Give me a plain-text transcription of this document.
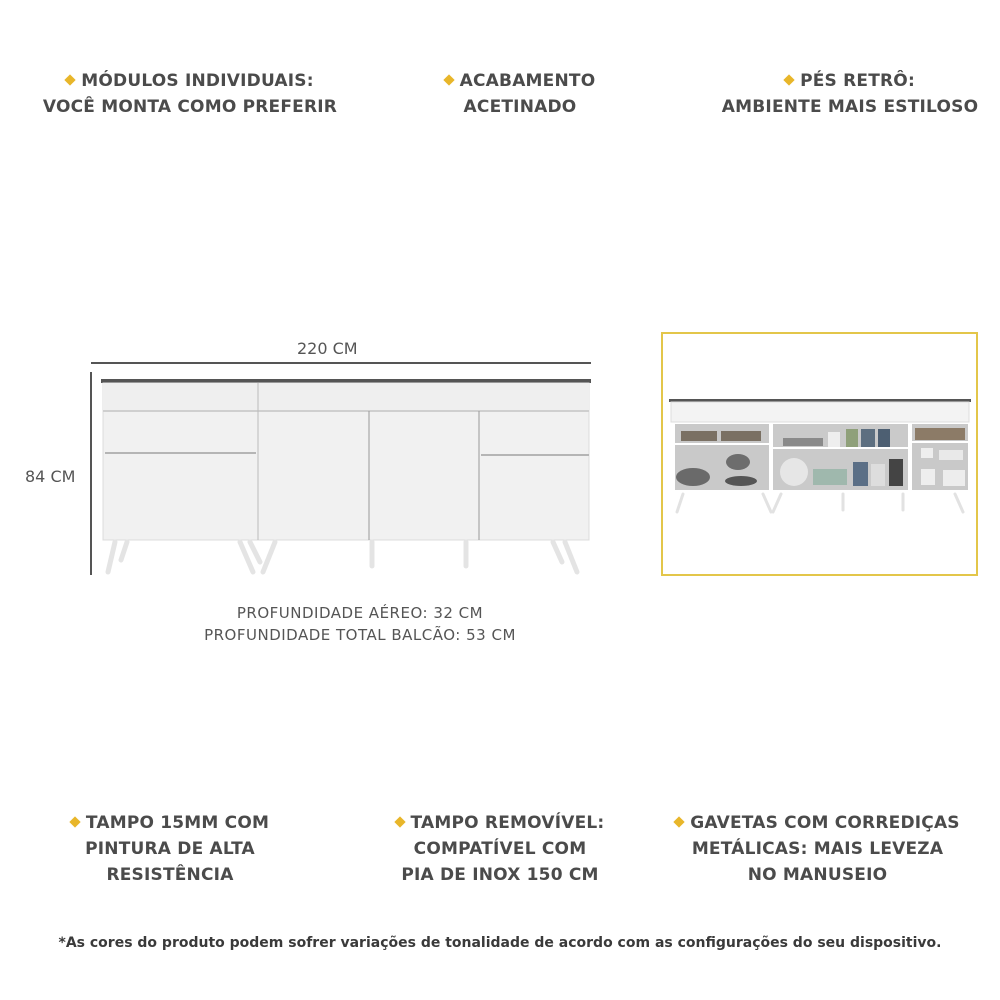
MÓDULOS INDIVIDUAIS:
VOCÊ MONTA COMO PREFERIR
ACABAMENTO
ACETINADO
PÉS RETRÔ:
AMBIENTE MAIS ESTILOSO
220 CM
84 CM
PROFUNDIDADE AÉREO: 32 CM
PROFUNDIDADE TOTAL BALCÃO: 53 CM
TAMPO 15MM COM
PINTURA DE ALTA
RESISTÊNCIA
TAMPO REMOVÍVEL:
COMPATÍVEL COM
PIA DE INOX 150 CM
GAVETAS COM CORREDIÇAS
METÁLICAS: MAIS LEVEZA
NO MANUSEIO
*As cores do produto podem sofrer variações de tonalidade de acordo com as configurações do seu dispositivo.
